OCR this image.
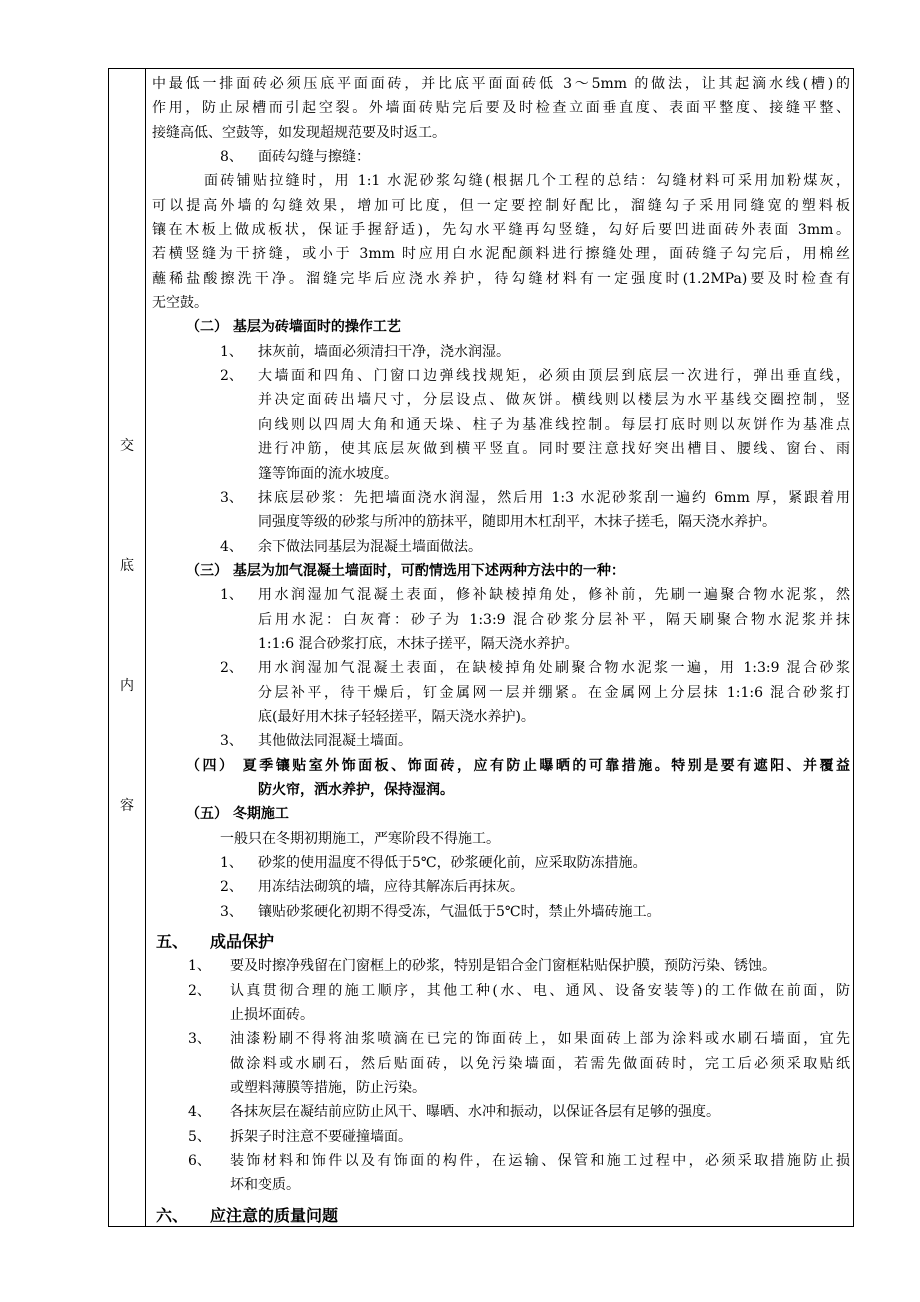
交
底
内
容
中最低一排面砖必须压底平面面砖，并比底平面面砖低 3～5mm 的做法，让其起滴水线(槽)的
作用，防止尿槽而引起空裂。外墙面砖贴完后要及时检查立面垂直度、表面平整度、接缝平整、
接缝高低、空鼓等，如发现超规范要及时返工。
8、 面砖勾缝与擦缝：
面砖铺贴拉缝时，用 1:1 水泥砂浆勾缝(根据几个工程的总结：勾缝材料可采用加粉煤灰，
可以提高外墙的勾缝效果，增加可比度，但一定要控制好配比，溜缝勾子采用同缝宽的塑料板
镶在木板上做成板状，保证手握舒适)，先勾水平缝再勾竖缝，勾好后要凹进面砖外表面 3mm。
若横竖缝为干挤缝，或小于 3mm 时应用白水泥配颜料进行擦缝处理，面砖缝子勾完后，用棉丝
蘸稀盐酸擦洗干净。溜缝完毕后应浇水养护，待勾缝材料有一定强度时(1.2MPa)要及时检查有
无空鼓。
（二） 基层为砖墙面时的操作工艺
1、 抹灰前，墙面必须清扫干净，浇水润湿。
2、 大墙面和四角、门窗口边弹线找规矩，必须由顶层到底层一次进行，弹出垂直线，
并决定面砖出墙尺寸，分层设点、做灰饼。横线则以楼层为水平基线交圈控制，竖
向线则以四周大角和通天垛、柱子为基准线控制。每层打底时则以灰饼作为基准点
进行冲筋，使其底层灰做到横平竖直。同时要注意找好突出槽目、腰线、窗台、雨
篷等饰面的流水坡度。
3、 抹底层砂浆：先把墙面浇水润湿，然后用 1:3 水泥砂浆刮一遍约 6mm 厚，紧跟着用
同强度等级的砂浆与所冲的筋抹平，随即用木杠刮平，木抹子搓毛，隔天浇水养护。
4、 余下做法同基层为混凝土墙面做法。
（三） 基层为加气混凝土墙面时，可酌情选用下述两种方法中的一种：
1、 用水润湿加气混凝土表面，修补缺棱掉角处，修补前，先刷一遍聚合物水泥浆，然
后用水泥：白灰膏：砂子为 1:3:9 混合砂浆分层补平，隔天刷聚合物水泥浆并抹
1:1:6 混合砂浆打底，木抹子搓平，隔天浇水养护。
2、 用水润湿加气混凝土表面，在缺棱掉角处刷聚合物水泥浆一遍，用 1:3:9 混合砂浆
分层补平，待干燥后，钉金属网一层并绷紧。在金属网上分层抹 1:1:6 混合砂浆打
底(最好用木抹子轻轻搓平，隔天浇水养护)。
3、 其他做法同混凝土墙面。
（四） 夏季镶贴室外饰面板、饰面砖，应有防止曝晒的可靠措施。特别是要有遮阳、并覆益
防火帘，洒水养护，保持湿润。
（五） 冬期施工
一般只在冬期初期施工，严寒阶段不得施工。
1、 砂浆的使用温度不得低于5℃，砂浆硬化前，应采取防冻措施。
2、 用冻结法砌筑的墙，应待其解冻后再抹灰。
3、 镶贴砂浆硬化初期不得受冻，气温低于5℃时，禁止外墙砖施工。
五、 成品保护
1、 要及时擦净残留在门窗框上的砂浆，特别是铝合金门窗框粘贴保护膜，预防污染、锈蚀。
2、 认真贯彻合理的施工顺序，其他工种(水、电、通风、设备安装等)的工作做在前面，防
止损坏面砖。
3、 油漆粉刷不得将油浆喷滴在已完的饰面砖上，如果面砖上部为涂料或水刷石墙面，宜先
做涂料或水刷石，然后贴面砖，以免污染墙面，若需先做面砖时，完工后必须采取贴纸
或塑料薄膜等措施，防止污染。
4、 各抹灰层在凝结前应防止风干、曝晒、水冲和振动，以保证各层有足够的强度。
5、 拆架子时注意不要碰撞墙面。
6、 装饰材料和饰件以及有饰面的构件，在运输、保管和施工过程中，必须采取措施防止损
坏和变质。
六、 应注意的质量问题
